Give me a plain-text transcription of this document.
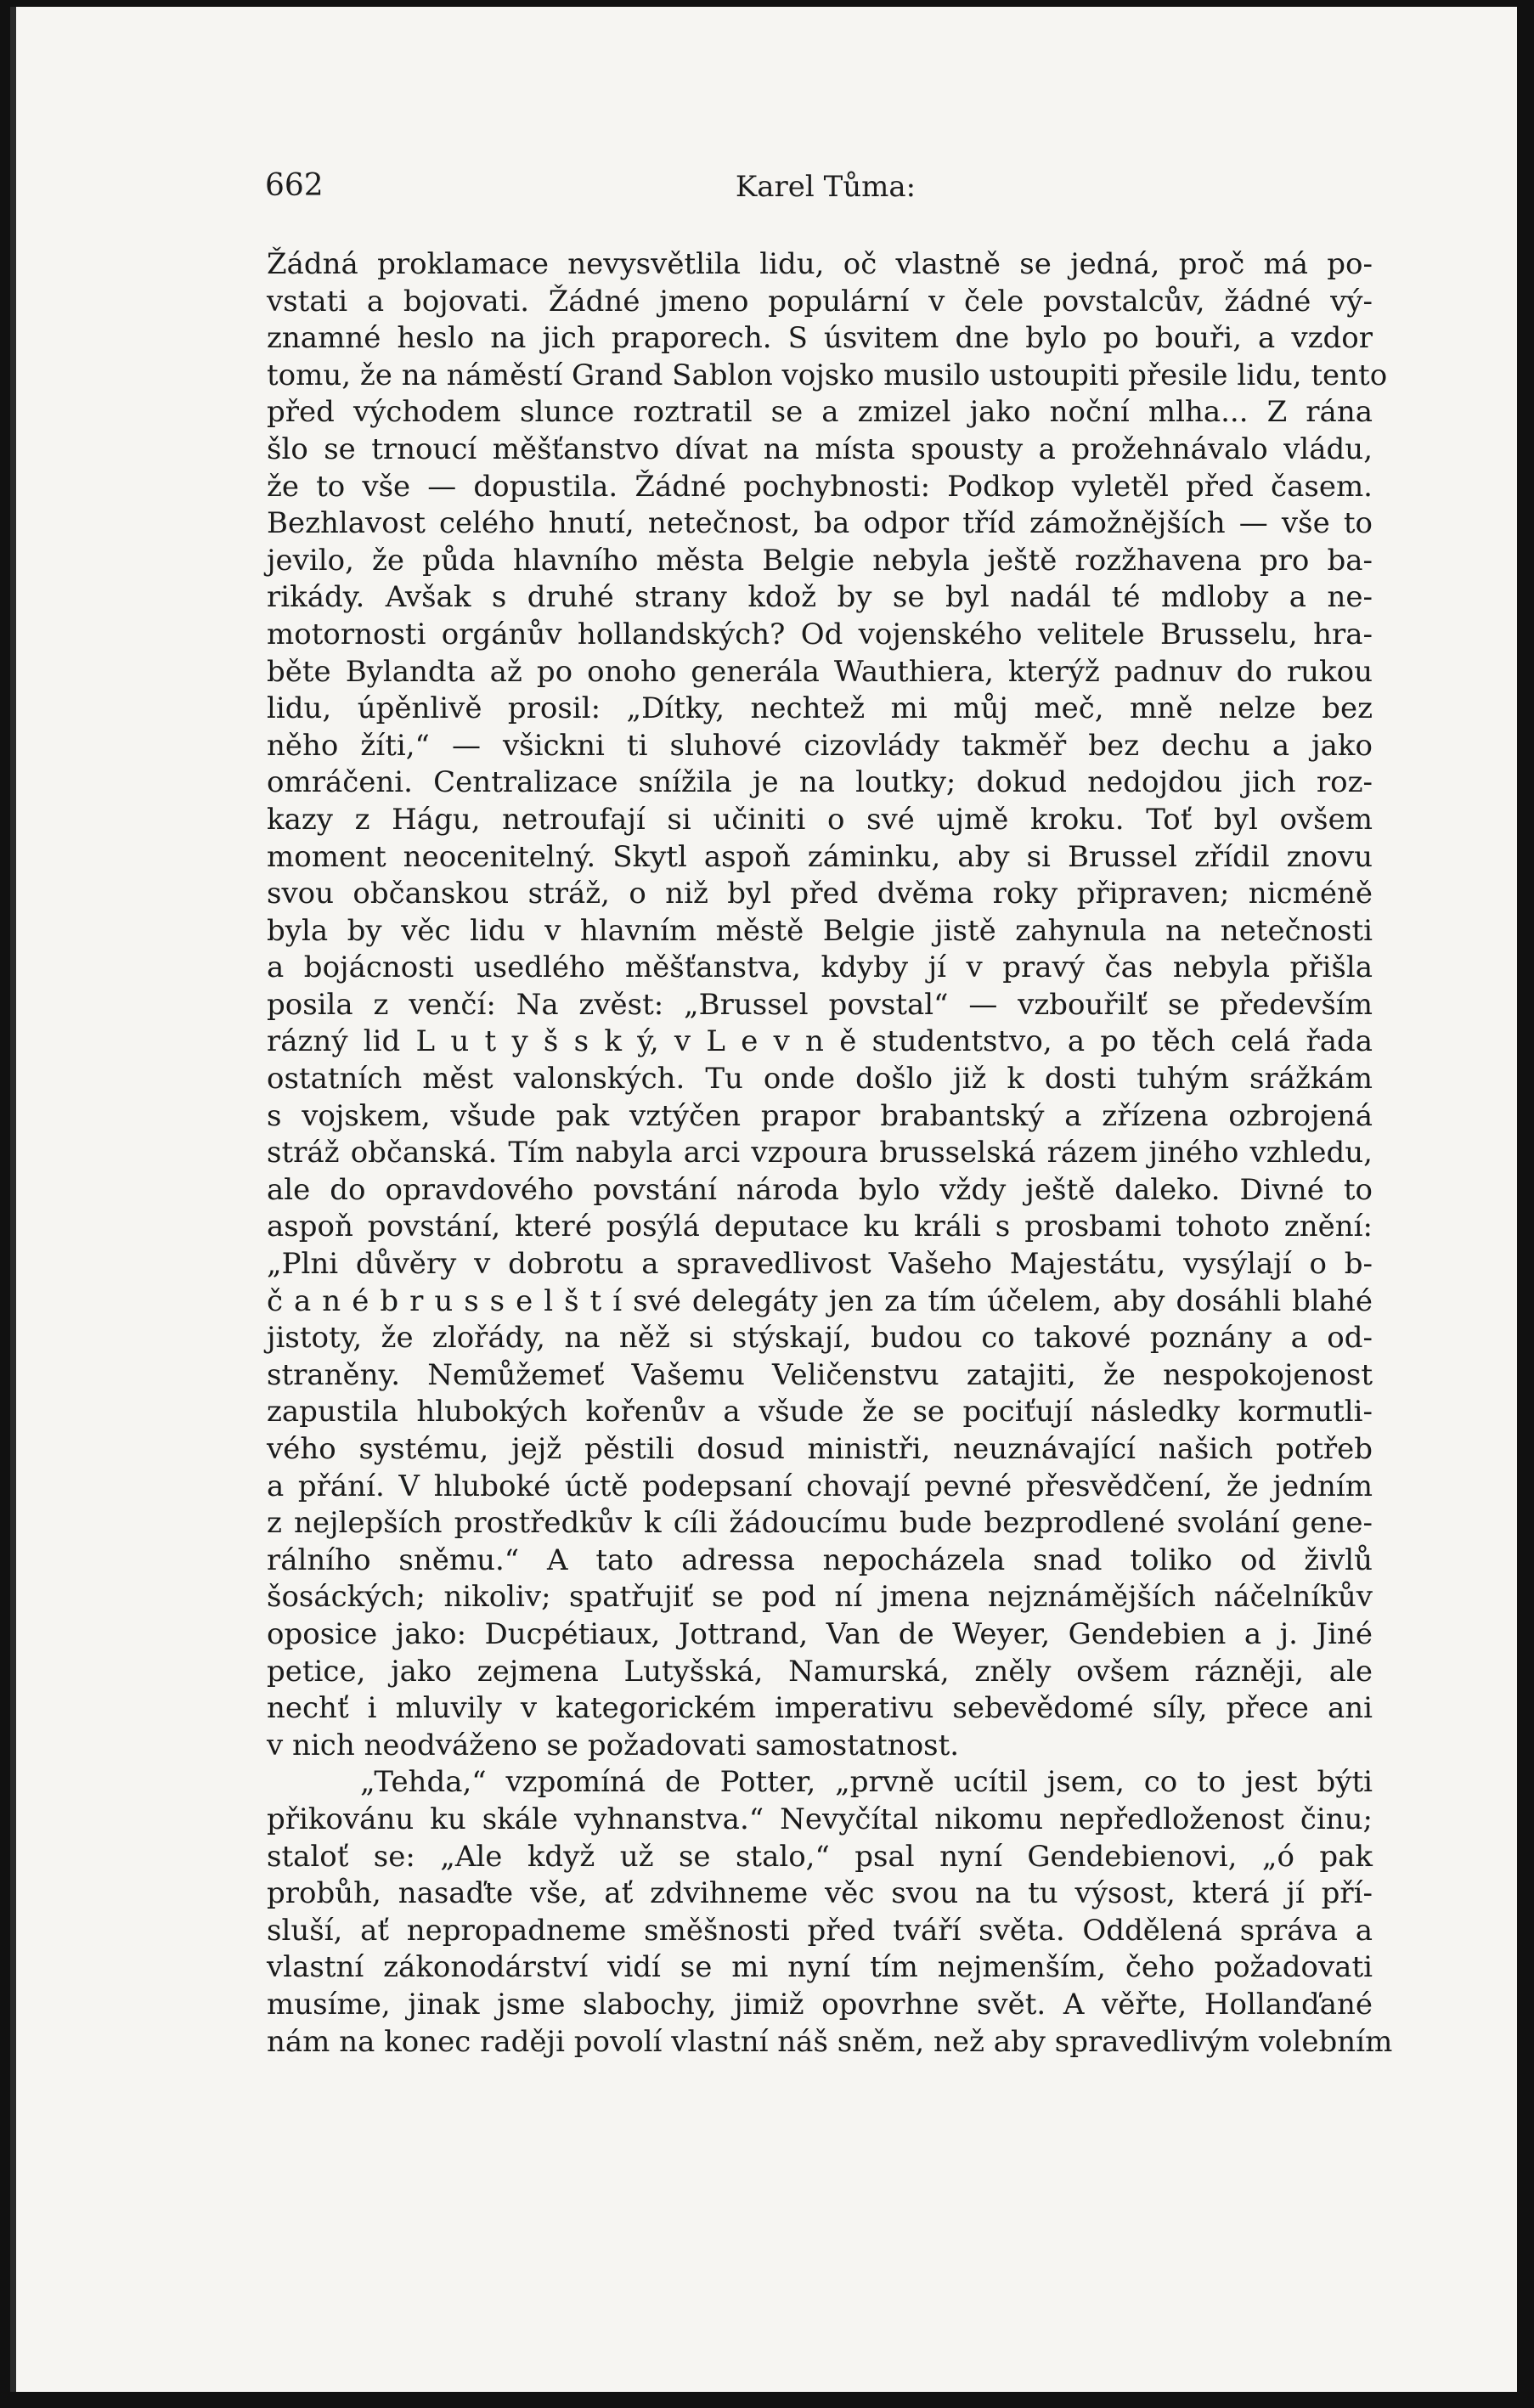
662	Karel Tůma:
Žádná proklamace nevysvětlila lidu, oč vlastně se jedná, proč má po-
vstati a bojovati. Žádné jmeno populární v čele povstalcův, žádné vý-
znamné heslo na jich praporech. S úsvitem dne bylo po bouři, a vzdor
tomu, že na náměstí Grand Sablon vojsko musilo ustoupiti přesile lidu, tento
před východem slunce roztratil se a zmizel jako noční mlha... Z rána
šlo se trnoucí měšťanstvo dívat na místa spousty a prožehnávalo vládu,
že to vše — dopustila. Žádné pochybnosti: Podkop vyletěl před časem.
Bezhlavost celého hnutí, netečnost, ba odpor tříd zámožnějších — vše to
jevilo, že půda hlavního města Belgie nebyla ještě rozžhavena pro ba-
rikády. Avšak s druhé strany kdož by se byl nadál té mdloby a ne-
motornosti orgánův hollandských? Od vojenského velitele Brusselu, hra-
běte Bylandta až po onoho generála Wauthiera, kterýž padnuv do rukou
lidu, úpěnlivě prosil: „Dítky, nechtež mi můj meč, mně nelze bez
něho žíti,“ — všickni ti sluhové cizovlády takměř bez dechu a jako
omráčeni. Centralizace snížila je na loutky; dokud nedojdou jich roz-
kazy z Hágu, netroufají si učiniti o své ujmě kroku. Toť byl ovšem
moment neocenitelný. Skytl aspoň záminku, aby si Brussel zřídil znovu
svou občanskou stráž, o niž byl před dvěma roky připraven; nicméně
byla by věc lidu v hlavním městě Belgie jistě zahynula na netečnosti
a bojácnosti usedlého měšťanstva, kdyby jí v pravý čas nebyla přišla
posila z venčí: Na zvěst: „Brussel povstal“ — vzbouřilť se především
rázný lid L u t y š s k ý, v L e v n ě studentstvo, a po těch celá řada
ostatních měst valonských. Tu onde došlo již k dosti tuhým srážkám
s vojskem, všude pak vztýčen prapor brabantský a zřízena ozbrojená
stráž občanská. Tím nabyla arci vzpoura brusselská rázem jiného vzhledu,
ale do opravdového povstání národa bylo vždy ještě daleko. Divné to
aspoň povstání, které posýlá deputace ku králi s prosbami tohoto znění:
„Plni důvěry v dobrotu a spravedlivost Vašeho Majestátu, vysýlají o b-
č a n é b r u s s e l š t í své delegáty jen za tím účelem, aby dosáhli blahé
jistoty, že zlořády, na něž si stýskají, budou co takové poznány a od-
straněny. Nemůžemeť Vašemu Veličenstvu zatajiti, že nespokojenost
zapustila hlubokých kořenův a všude že se pociťují následky kormutli-
vého systému, jejž pěstili dosud ministři, neuznávající našich potřeb
a přání. V hluboké úctě podepsaní chovají pevné přesvědčení, že jedním
z nejlepších prostředkův k cíli žádoucímu bude bezprodlené svolání gene-
rálního sněmu.“ A tato adressa nepocházela snad toliko od živlů
šosáckých; nikoliv; spatřujiť se pod ní jmena nejznámějších náčelníkův
oposice jako: Ducpétiaux, Jottrand, Van de Weyer, Gendebien a j. Jiné
petice, jako zejmena Lutyšská, Namurská, zněly ovšem rázněji, ale
nechť i mluvily v kategorickém imperativu sebevědomé síly, přece ani
v nich neodváženo se požadovati samostatnost.
„Tehda,“ vzpomíná de Potter, „prvně ucítil jsem, co to jest býti
přikovánu ku skále vyhnanstva.“ Nevyčítal nikomu nepředloženost činu;
staloť se: „Ale když už se stalo,“ psal nyní Gendebienovi, „ó pak
probůh, nasaďte vše, ať zdvihneme věc svou na tu výsost, která jí pří-
sluší, ať nepropadneme směšnosti před tváří světa. Oddělená správa a
vlastní zákonodárství vidí se mi nyní tím nejmenším, čeho požadovati
musíme, jinak jsme slabochy, jimiž opovrhne svět. A věřte, Hollanďané
nám na konec raději povolí vlastní náš sněm, než aby spravedlivým volebním
